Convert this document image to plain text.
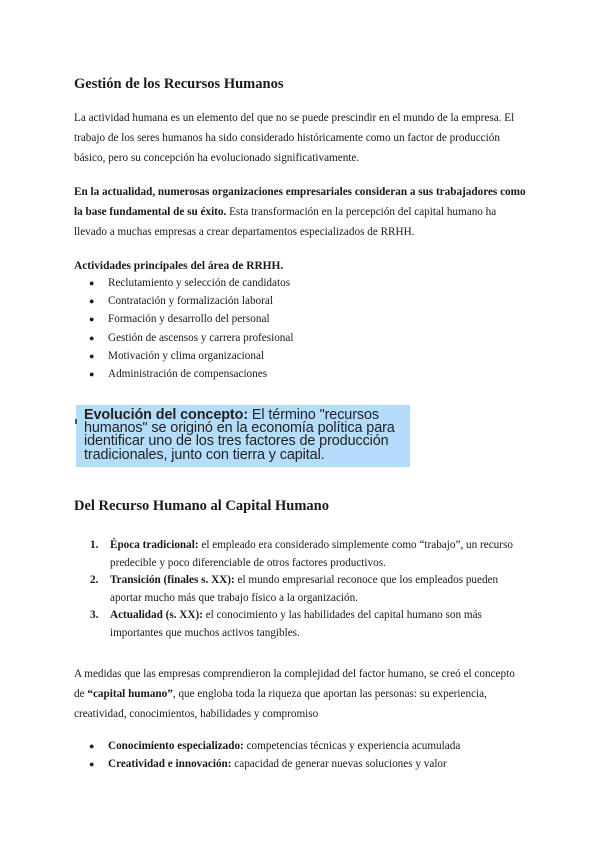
Gestión de los Recursos Humanos

La actividad humana es un elemento del que no se puede prescindir en el mundo de la empresa. El trabajo de los seres humanos ha sido considerado históricamente como un factor de producción básico, pero su concepción ha evolucionado significativamente.

En la actualidad, numerosas organizaciones empresariales consideran a sus trabajadores como la base fundamental de su éxito. Esta transformación en la percepción del capital humano ha llevado a muchas empresas a crear departamentos especializados de RRHH.

Actividades principales del área de RRHH.
● Reclutamiento y selección de candidatos
● Contratación y formalización laboral
● Formación y desarrollo del personal
● Gestión de ascensos y carrera profesional
● Motivación y clima organizacional
● Administración de compensaciones
Evolución del concepto: El término "recursos humanos" se originó en la economía política para identificar uno de los tres factores de producción tradicionales, junto con tierra y capital.
Del Recurso Humano al Capital Humano
1. Época tradicional: el empleado era considerado simplemente como “trabajo”, un recurso predecible y poco diferenciable de otros factores productivos.
2. Transición (finales s. XX): el mundo empresarial reconoce que los empleados pueden aportar mucho más que trabajo físico a la organización.
3. Actualidad (s. XX): el conocimiento y las habilidades del capital humano son más importantes que muchos activos tangibles.

A medidas que las empresas comprendieron la complejidad del factor humano, se creó el concepto de “capital humano”, que engloba toda la riqueza que aportan las personas: su experiencia, creatividad, conocimientos, habilidades y compromiso

● Conocimiento especializado: competencias técnicas y experiencia acumulada
● Creatividad e innovación: capacidad de generar nuevas soluciones y valor
